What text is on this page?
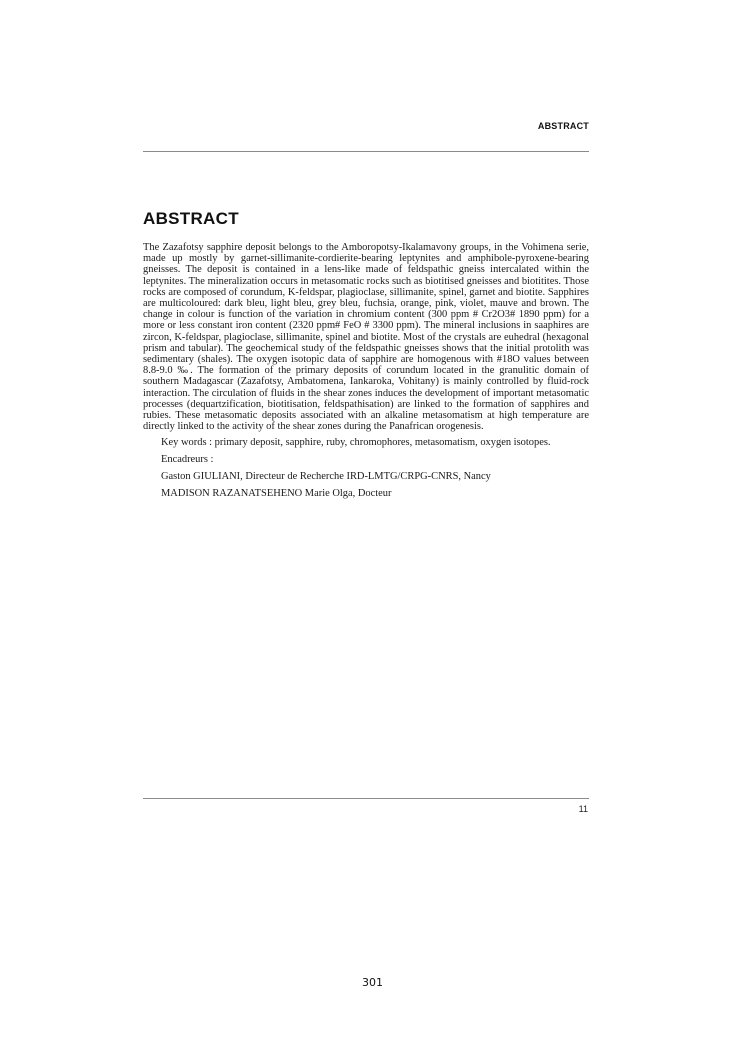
ABSTRACT
ABSTRACT

The Zazafotsy sapphire deposit belongs to the Amboropotsy-Ikalamavony groups, in the Vohimena serie, made up mostly by garnet-sillimanite-cordierite-bearing leptynites and amphibole-pyroxene-bearing gneisses. The deposit is contained in a lens-like made of feldspathic gneiss intercalated within the leptynites. The mineralization occurs in metasomatic rocks such as biotitised gneisses and biotitites. Those rocks are composed of corundum, K-feldspar, plagioclase, sillimanite, spinel, garnet and biotite. Sapphires are multicoloured: dark bleu, light bleu, grey bleu, fuchsia, orange, pink, violet, mauve and brown. The change in colour is function of the variation in chromium content (300 ppm # Cr2O3# 1890 ppm) for a more or less constant iron content (2320 ppm# FeO # 3300 ppm). The mineral inclusions in saaphires are zircon, K-feldspar, plagioclase, sillimanite, spinel and biotite. Most of the crystals are euhedral (hexagonal prism and tabular). The geochemical study of the feldspathic gneisses shows that the initial protolith was sedimentary (shales). The oxygen isotopic data of sapphire are homogenous with #18O values between 8.8-9.0 ‰. The formation of the primary deposits of corundum located in the granulitic domain of southern Madagascar (Zazafotsy, Ambatomena, Iankaroka, Vohitany) is mainly controlled by fluid-rock interaction. The circulation of fluids in the shear zones induces the development of important metasomatic processes (dequartzification, biotitisation, feldspathisation) are linked to the formation of sapphires and rubies. These metasomatic deposits associated with an alkaline metasomatism at high temperature are directly linked to the activity of the shear zones during the Panafrican orogenesis.

Key words : primary deposit, sapphire, ruby, chromophores, metasomatism, oxygen isotopes.

Encadreurs :
Gaston GIULIANI, Directeur de Recherche IRD-LMTG/CRPG-CNRS, Nancy
MADISON RAZANATSEHENO Marie Olga, Docteur
11
301
